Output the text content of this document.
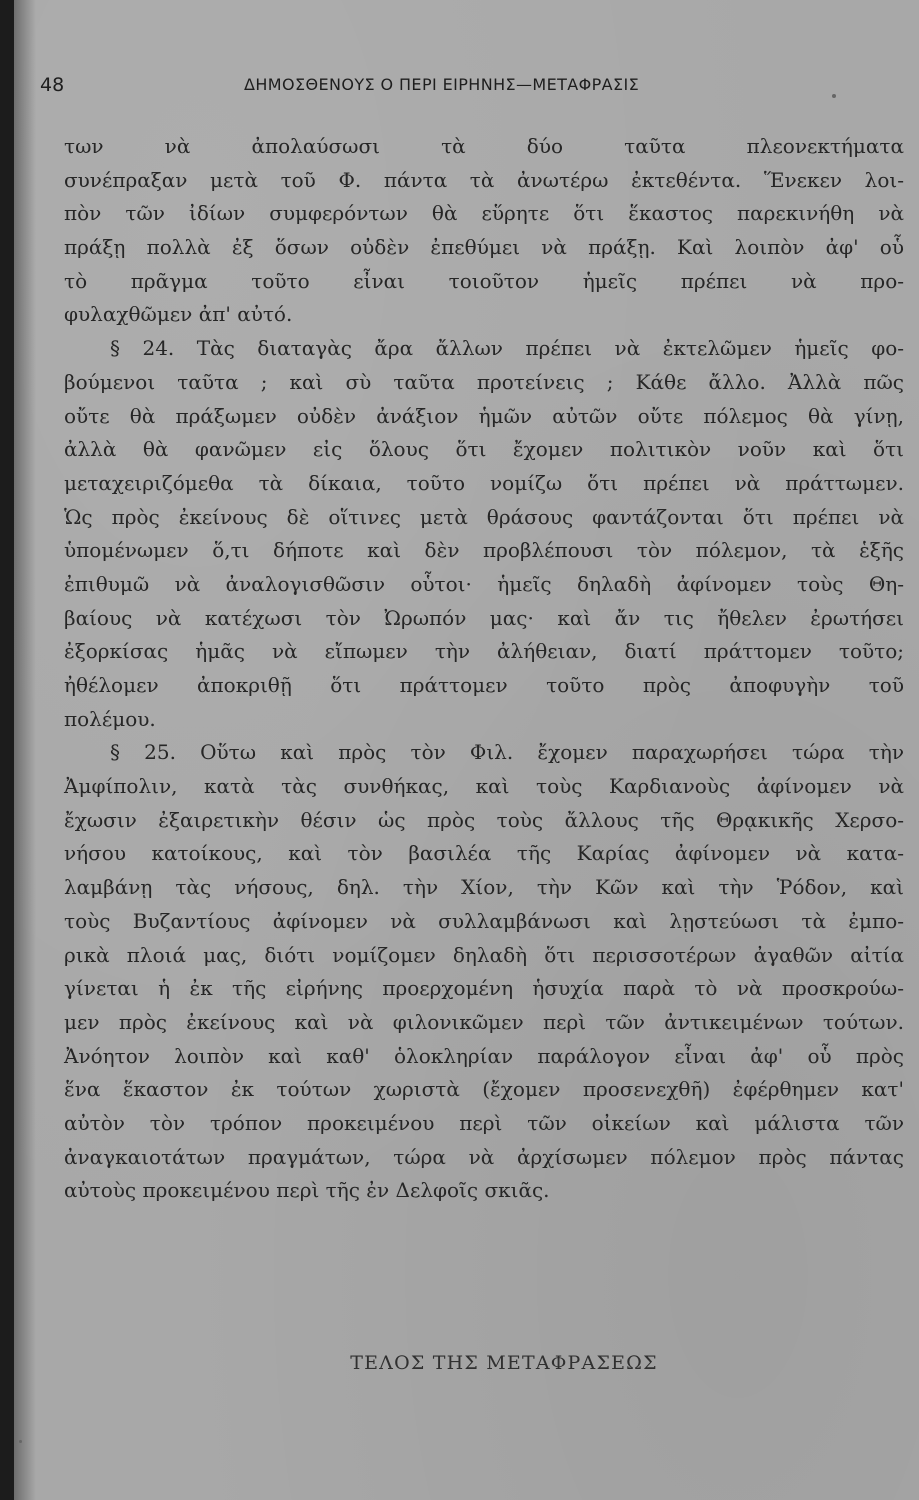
48	ΔΗΜΟΣΘΕΝΟΥΣ Ο ΠΕΡΙ ΕΙΡΗΝΗΣ—ΜΕΤΑΦΡΑΣΙΣ
των νὰ ἀπολαύσωσι τὰ δύο ταῦτα πλεονεκτήματα
συνέπραξαν μετὰ τοῦ Φ. πάντα τὰ ἀνωτέρω ἐκτεθέντα. Ἕνεκεν λοι-
πὸν τῶν ἰδίων συμφερόντων θὰ εὕρητε ὅτι ἕκαστος παρεκινήθη νὰ
πράξῃ πολλὰ ἐξ ὅσων οὐδὲν ἐπεθύμει νὰ πράξῃ. Καὶ λοιπὸν ἀφ' οὗ
τὸ πρᾶγμα τοῦτο εἶναι τοιοῦτον ἡμεῖς πρέπει νὰ προ-
φυλαχθῶμεν ἀπ' αὐτό.
§ 24. Τὰς διαταγὰς ἄρα ἄλλων πρέπει νὰ ἐκτελῶμεν ἡμεῖς φο-
βούμενοι ταῦτα ; καὶ σὺ ταῦτα προτείνεις ; Κάθε ἄλλο. Ἀλλὰ πῶς
οὔτε θὰ πράξωμεν οὐδὲν ἀνάξιον ἡμῶν αὐτῶν οὔτε πόλεμος θὰ γίνῃ,
ἀλλὰ θὰ φανῶμεν εἰς ὅλους ὅτι ἔχομεν πολιτικὸν νοῦν καὶ ὅτι
μεταχειριζόμεθα τὰ δίκαια, τοῦτο νομίζω ὅτι πρέπει νὰ πράττωμεν.
Ὡς πρὸς ἐκείνους δὲ οἵτινες μετὰ θράσους φαντάζονται ὅτι πρέπει νὰ
ὑπομένωμεν ὅ,τι δήποτε καὶ δὲν προβλέπουσι τὸν πόλεμον, τὰ ἑξῆς
ἐπιθυμῶ νὰ ἀναλογισθῶσιν οὗτοι· ἡμεῖς δηλαδὴ ἀφίνομεν τοὺς Θη-
βαίους νὰ κατέχωσι τὸν Ὠρωπόν μας· καὶ ἄν τις ἤθελεν ἐρωτήσει
ἐξορκίσας ἡμᾶς νὰ εἴπωμεν τὴν ἀλήθειαν, διατί πράττομεν τοῦτο;
ἠθέλομεν ἀποκριθῇ ὅτι πράττομεν τοῦτο πρὸς ἀποφυγὴν τοῦ
πολέμου.
§ 25. Οὕτω καὶ πρὸς τὸν Φιλ. ἔχομεν παραχωρήσει τώρα τὴν
Ἀμφίπολιν, κατὰ τὰς συνθήκας, καὶ τοὺς Καρδιανοὺς ἀφίνομεν νὰ
ἔχωσιν ἐξαιρετικὴν θέσιν ὡς πρὸς τοὺς ἄλλους τῆς Θρᾳκικῆς Χερσο-
νήσου κατοίκους, καὶ τὸν βασιλέα τῆς Καρίας ἀφίνομεν νὰ κατα-
λαμβάνῃ τὰς νήσους, δηλ. τὴν Χίον, τὴν Κῶν καὶ τὴν Ῥόδον, καὶ
τοὺς Βυζαντίους ἀφίνομεν νὰ συλλαμβάνωσι καὶ λῃστεύωσι τὰ ἐμπο-
ρικὰ πλοιά μας, διότι νομίζομεν δηλαδὴ ὅτι περισσοτέρων ἀγαθῶν αἰτία
γίνεται ἡ ἐκ τῆς εἰρήνης προερχομένη ἡσυχία παρὰ τὸ νὰ προσκρούω-
μεν πρὸς ἐκείνους καὶ νὰ φιλονικῶμεν περὶ τῶν ἀντικειμένων τούτων.
Ἀνόητον λοιπὸν καὶ καθ' ὁλοκληρίαν παράλογον εἶναι ἀφ' οὗ πρὸς
ἕνα ἕκαστον ἐκ τούτων χωριστὰ (ἔχομεν προσενεχθῆ) ἐφέρθημεν κατ'
αὐτὸν τὸν τρόπον προκειμένου περὶ τῶν οἰκείων καὶ μάλιστα τῶν
ἀναγκαιοτάτων πραγμάτων, τώρα νὰ ἀρχίσωμεν πόλεμον πρὸς πάντας
αὐτοὺς προκειμένου περὶ τῆς ἐν Δελφοῖς σκιᾶς.
ΤΕΛΟΣ ΤΗΣ ΜΕΤΑΦΡΑΣΕΩΣ
